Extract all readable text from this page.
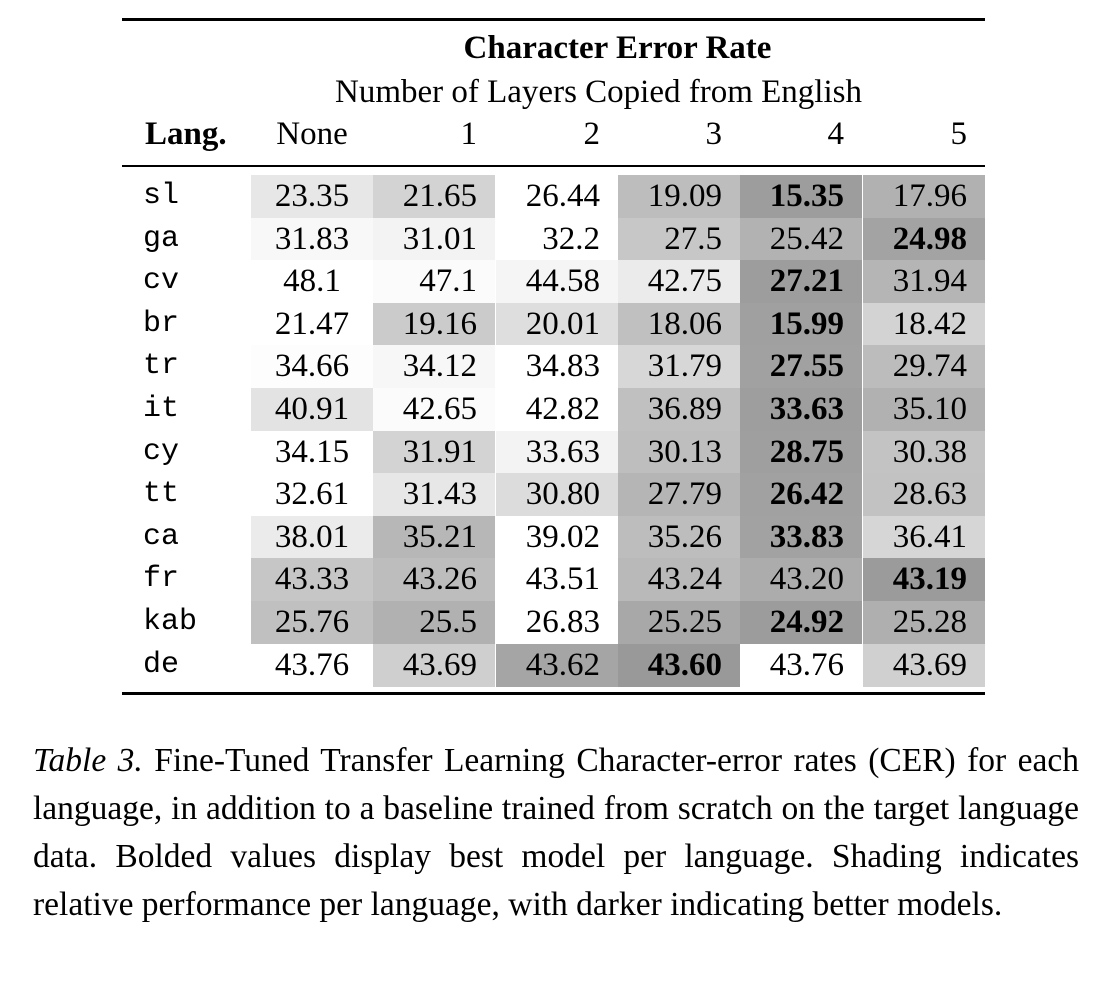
Character Error Rate
Number of Layers Copied from English
Lang.	None	1	2	3	4	5
sl	23.35	21.65	26.44	19.09	15.35	17.96
ga	31.83	31.01	32.2	27.5	25.42	24.98
cv	48.1	47.1	44.58	42.75	27.21	31.94
br	21.47	19.16	20.01	18.06	15.99	18.42
tr	34.66	34.12	34.83	31.79	27.55	29.74
it	40.91	42.65	42.82	36.89	33.63	35.10
cy	34.15	31.91	33.63	30.13	28.75	30.38
tt	32.61	31.43	30.80	27.79	26.42	28.63
ca	38.01	35.21	39.02	35.26	33.83	36.41
fr	43.33	43.26	43.51	43.24	43.20	43.19
kab	25.76	25.5	26.83	25.25	24.92	25.28
de	43.76	43.69	43.62	43.60	43.76	43.69
Table 3. Fine-Tuned Transfer Learning Character-error rates (CER) for each language, in addition to a baseline trained from scratch on the target language data. Bolded values display best model per language. Shading indicates relative performance per language, with darker indicating better models.
